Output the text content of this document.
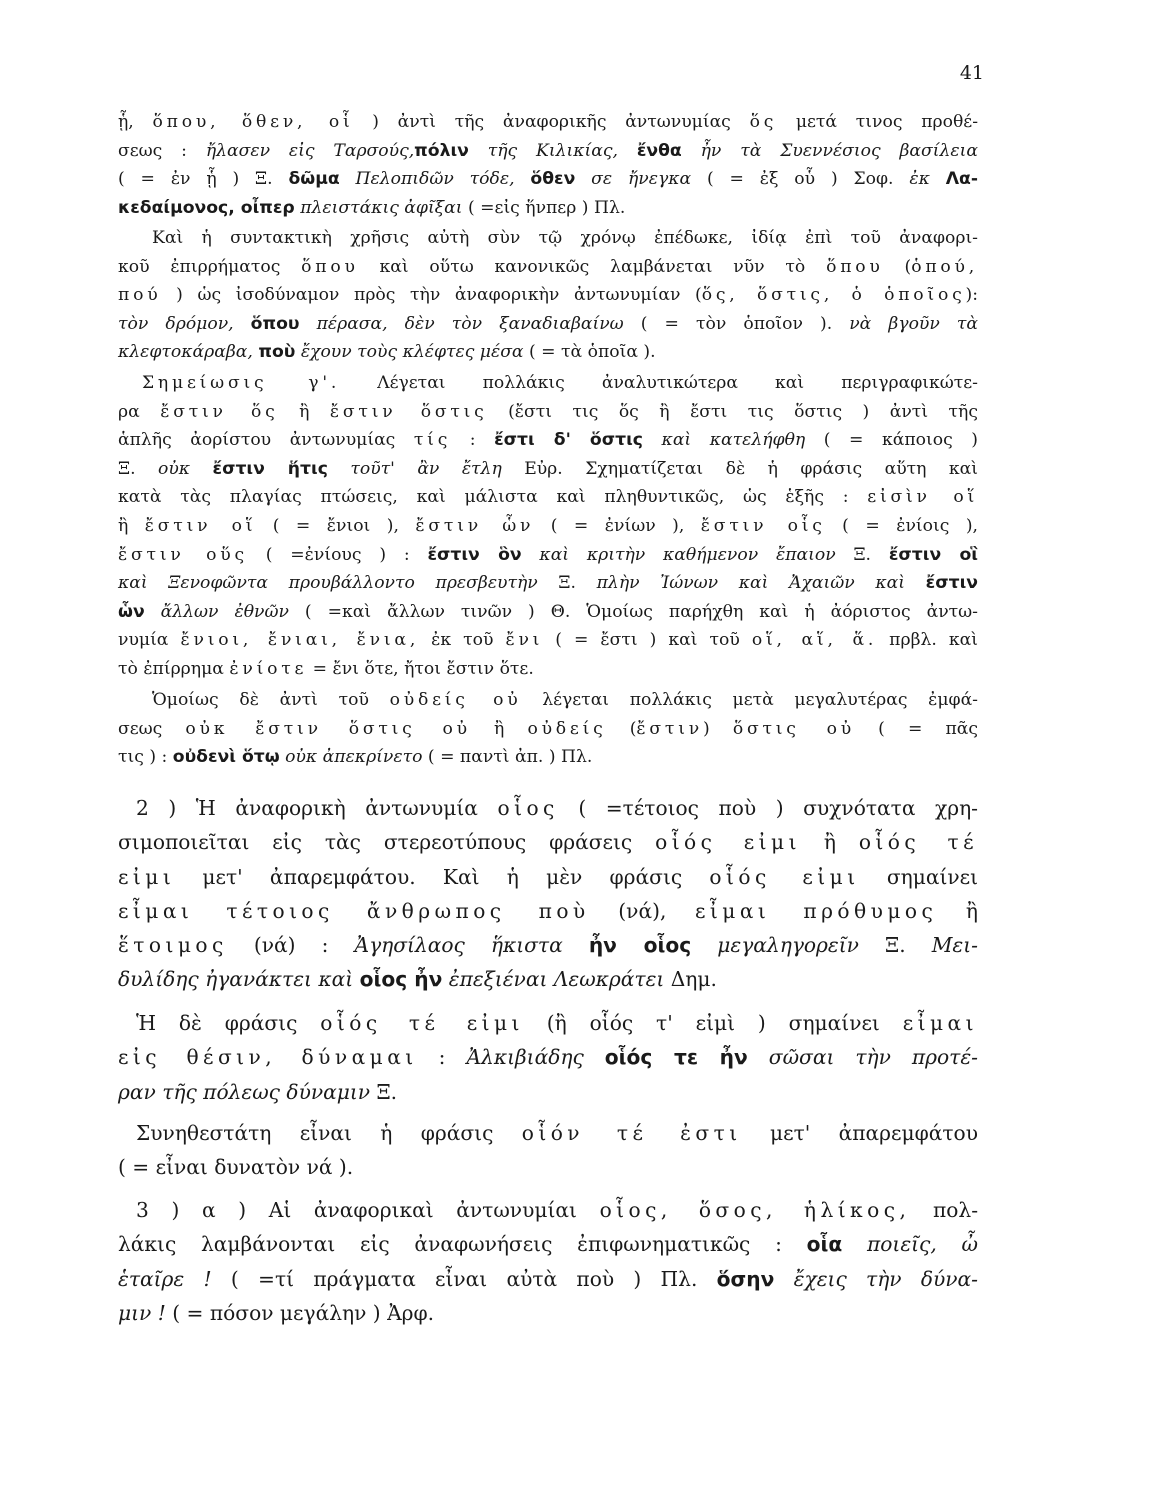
41
ᾗ, ὅπου, ὅθεν, οἷ ) ἀντὶ τῆς ἀναφορικῆς ἀντωνυμίας ὅς μετά τινος προθέ-
σεως : ἤλασεν εἰς Ταρσούς,πόλιν τῆς Κιλικίας, ἔνθα ἦν τὰ Συεννέσιος βασίλεια
( = ἐν ᾗ ) Ξ. δῶμα Πελοπιδῶν τόδε, ὅθεν σε ἤνεγκα ( = ἐξ οὗ ) Σοφ. ἐκ Λα-
κεδαίμονος, οἶπερ πλειστάκις ἀφῖξαι ( =εἰς ἥνπερ ) Πλ.
Καὶ ἡ συντακτικὴ χρῆσις αὐτὴ σὺν τῷ χρόνῳ ἐπέδωκε, ἰδίᾳ ἐπὶ τοῦ ἀναφορι-
κοῦ ἐπιρρήματος ὅπου καὶ οὕτω κανονικῶς λαμβάνεται νῦν τὸ ὅπου (ὁπού,
πού ) ὡς ἰσοδύναμον πρὸς τὴν ἀναφορικὴν ἀντωνυμίαν (ὅς, ὅστις, ὁ ὁποῖος):
τὸν δρόμον, ὅπου πέρασα, δὲν τὸν ξαναδιαβαίνω ( = τὸν ὁποῖον ). νὰ βγοῦν τὰ
κλεφτοκάραβα, ποὺ ἔχουν τοὺς κλέφτες μέσα ( = τὰ ὁποῖα ).
Σημείωσις γ'. Λέγεται πολλάκις ἀναλυτικώτερα καὶ περιγραφικώτε-
ρα ἔστιν ὅς ἢ ἔστιν ὅστις (ἔστι τις ὅς ἢ ἔστι τις ὅστις ) ἀντὶ τῆς
ἁπλῆς ἀορίστου ἀντωνυμίας τίς : ἔστι δ' ὅστις καὶ κατελήφθη ( = κάποιος )
Ξ. οὐκ ἔστιν ἥτις τοῦτ' ἂν ἔτλη Εὐρ. Σχηματίζεται δὲ ἡ φράσις αὕτη καὶ
κατὰ τὰς πλαγίας πτώσεις, καὶ μάλιστα καὶ πληθυντικῶς, ὡς ἑξῆς : εἰσὶν οἵ
ἢ ἔστιν οἵ ( = ἔνιοι ), ἔστιν ὧν ( = ἐνίων ), ἔστιν οἷς ( = ἐνίοις ),
ἔστιν οὕς ( =ἐνίους ) : ἔστιν ὃν καὶ κριτὴν καθήμενον ἔπαιον Ξ. ἔστιν οἳ
καὶ Ξενοφῶντα προυβάλλοντο πρεσβευτὴν Ξ. πλὴν Ἰώνων καὶ Ἀχαιῶν καὶ ἔστιν
ὧν ἄλλων ἐθνῶν ( =καὶ ἄλλων τινῶν ) Θ. Ὁμοίως παρήχθη καὶ ἡ ἀόριστος ἀντω-
νυμία ἔνιοι, ἔνιαι, ἔνια, ἐκ τοῦ ἔνι ( = ἔστι ) καὶ τοῦ οἵ, αἵ, ἅ. πρβλ. καὶ
τὸ ἐπίρρημα ἐνίοτε = ἔνι ὅτε, ἤτοι ἔστιν ὅτε.
Ὁμοίως δὲ ἀντὶ τοῦ οὐδείς οὐ λέγεται πολλάκις μετὰ μεγαλυτέρας ἐμφά-
σεως οὐκ ἔστιν ὅστις οὐ ἢ οὐδείς (ἔστιν) ὅστις οὐ ( = πᾶς
τις ) : οὐδενὶ ὅτῳ οὐκ ἀπεκρίνετο ( = παντὶ ἀπ. ) Πλ.
2 ) Ἡ ἀναφορικὴ ἀντωνυμία οἷος ( =τέτοιος ποὺ ) συχνότατα χρη-
σιμοποιεῖται εἰς τὰς στερεοτύπους φράσεις οἷός εἰμι ἢ οἷός τέ
εἰμι μετ' ἀπαρεμφάτου. Καὶ ἡ μὲν φράσις οἷός εἰμι σημαίνει
εἶμαι τέτοιος ἄνθρωπος ποὺ (νά), εἶμαι πρόθυμος ἢ
ἕτοιμος (νά) : Ἀγησίλαος ἥκιστα ἦν οἷος μεγαληγορεῖν Ξ. Μει-
δυλίδης ἠγανάκτει καὶ οἷος ἦν ἐπεξιέναι Λεωκράτει Δημ.
Ἡ δὲ φράσις οἷός τέ εἰμι (ἢ οἷός τ' εἰμὶ ) σημαίνει εἶμαι
εἰς θέσιν, δύναμαι : Ἀλκιβιάδης οἷός τε ἦν σῶσαι τὴν προτέ-
ραν τῆς πόλεως δύναμιν Ξ.
Συνηθεστάτη εἶναι ἡ φράσις οἷόν τέ ἐστι μετ' ἀπαρεμφάτου
( = εἶναι δυνατὸν νά ).
3 ) α ) Αἱ ἀναφορικαὶ ἀντωνυμίαι οἷος, ὅσος, ἡλίκος, πολ-
λάκις λαμβάνονται εἰς ἀναφωνήσεις ἐπιφωνηματικῶς : οἷα ποιεῖς, ὦ
ἑταῖρε ! ( =τί πράγματα εἶναι αὐτὰ ποὺ ) Πλ. ὅσην ἔχεις τὴν δύνα-
μιν ! ( = πόσον μεγάλην ) Ἀρφ.
